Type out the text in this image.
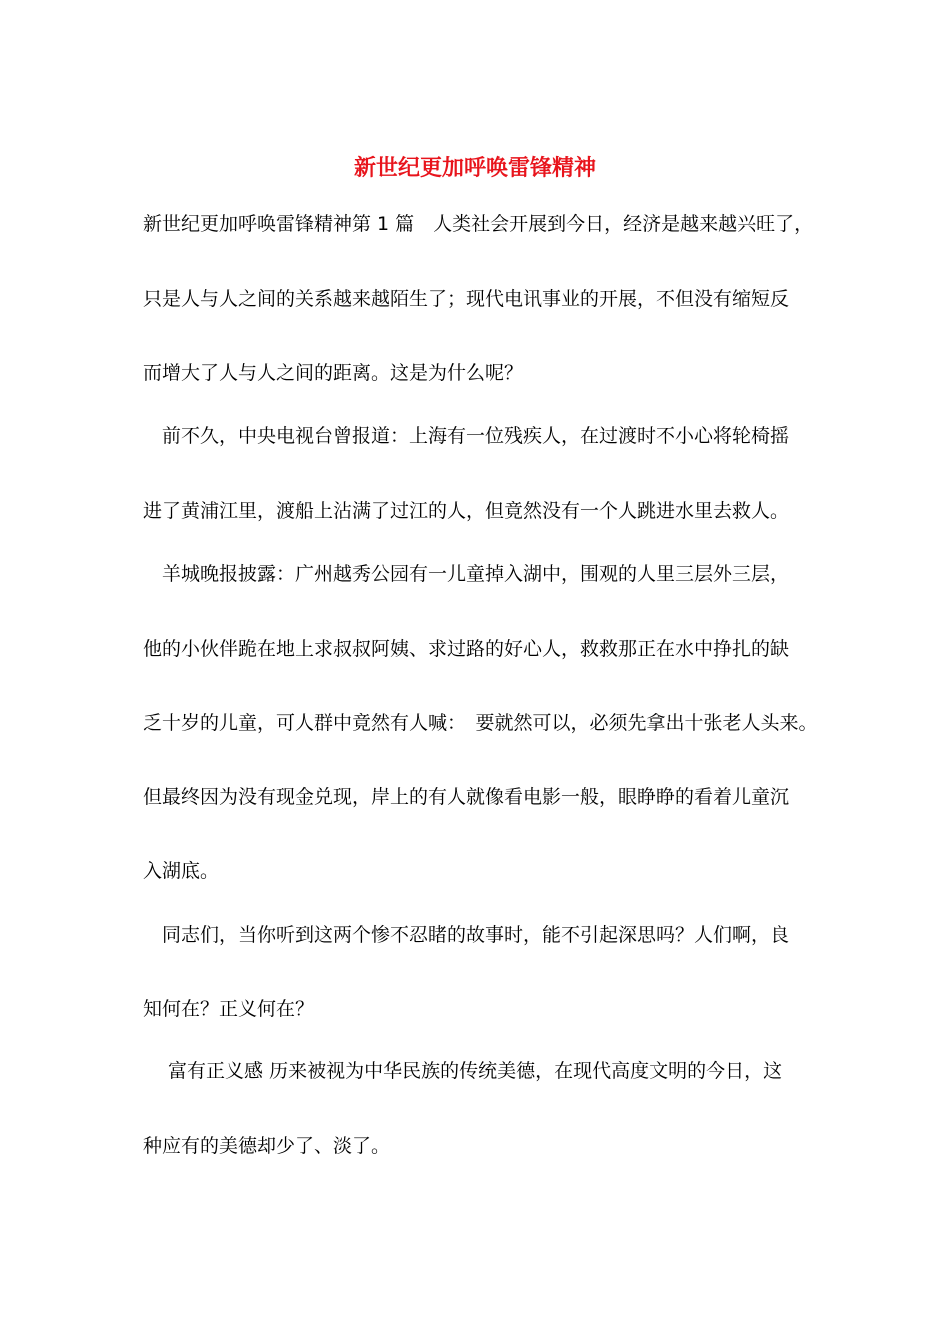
新世纪更加呼唤雷锋精神

新世纪更加呼唤雷锋精神第 1 篇　人类社会开展到今日，经济是越来越兴旺了，

只是人与人之间的关系越来越陌生了；现代电讯事业的开展，不但没有缩短反

而增大了人与人之间的距离。这是为什么呢？

　前不久，中央电视台曾报道：上海有一位残疾人，在过渡时不小心将轮椅摇

进了黄浦江里，渡船上沾满了过江的人，但竟然没有一个人跳进水里去救人。

　羊城晚报披露：广州越秀公园有一儿童掉入湖中，围观的人里三层外三层，

他的小伙伴跪在地上求叔叔阿姨、求过路的好心人，救救那正在水中挣扎的缺

乏十岁的儿童，可人群中竟然有人喊：　要就然可以，必须先拿出十张老人头来。

但最终因为没有现金兑现，岸上的有人就像看电影一般，眼睁睁的看着儿童沉

入湖底。

　同志们，当你听到这两个惨不忍睹的故事时，能不引起深思吗？人们啊，良

知何在？正义何在？

　 富有正义感 历来被视为中华民族的传统美德，在现代高度文明的今日，这

种应有的美德却少了、淡了。
